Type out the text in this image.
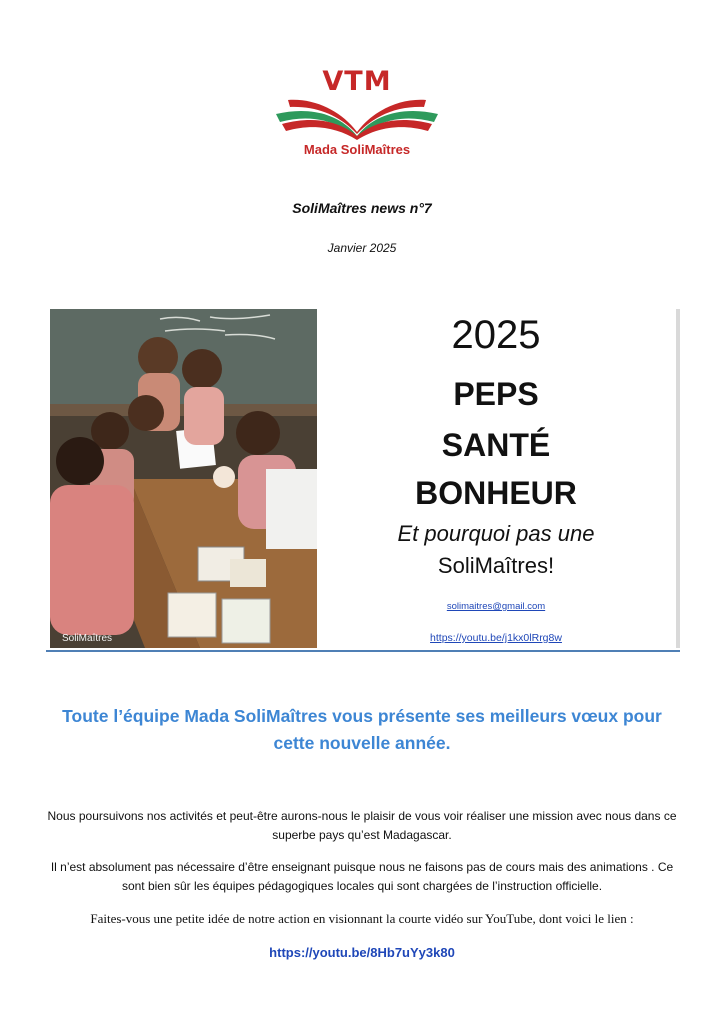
VTM
Mada SoliMaîtres
SoliMaîtres news n°7
Janvier 2025
SoliMaîtres
2025
PEPS
SANTÉ
BONHEUR
Et pourquoi pas une
SoliMaîtres!
solimaitres@gmail.com
https://youtu.be/j1kx0lRrg8w
Toute l’équipe Mada SoliMaîtres vous présente ses meilleurs vœux pour cette nouvelle année.
Nous poursuivons nos activités et peut-être aurons-nous le plaisir de vous voir réaliser une mission avec nous dans ce superbe pays qu’est Madagascar.
Il n’est absolument pas nécessaire d’être enseignant puisque nous ne faisons pas de cours mais des animations . Ce sont bien sûr les équipes pédagogiques locales qui sont chargées de l’instruction officielle.
Faites-vous une petite idée de notre action en visionnant la courte vidéo sur YouTube, dont voici le lien :
https://youtu.be/8Hb7uYy3k80
